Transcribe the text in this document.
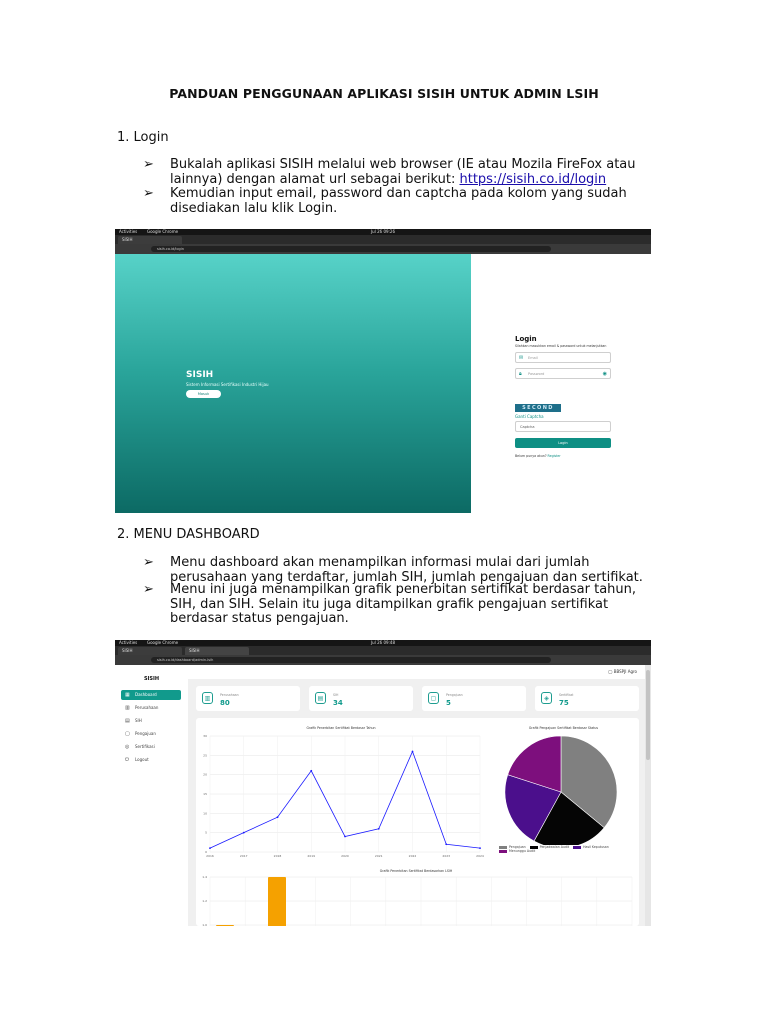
PANDUAN PENGGUNAAN APLIKASI SISIH UNTUK ADMIN LSIH
1. Login
➢ Bukalah aplikasi SISIH melalui web browser (IE atau Mozila FireFox atau lainnya) dengan alamat url sebagai berikut: https://sisih.co.id/login
➢ Kemudian input email, password dan captcha pada kolom yang sudah disediakan lalu klik Login.
Activities Google Chrome	Jul 26 09:26
SISIH
sisih.co.id/login
SISIH
Sistem Informasi Sertifikasi Industri Hijau
Masuk
Login
Silahkan masukkan email & password untuk melanjutkan
✉ Email
🔒︎ Password	◉
SECOND
Ganti Captcha
Captcha
Login
Belum punya akun? Register
2. MENU DASHBOARD
➢ Menu dashboard akan menampilkan informasi mulai dari jumlah perusahaan yang terdaftar, jumlah SIH, jumlah pengajuan dan sertifikat.
➢ Menu ini juga menampilkan grafik penerbitan sertifikat berdasar tahun, SIH, dan SIH. Selain itu juga ditampilkan grafik pengajuan sertifikat berdasar status pengajuan.
Activities Google Chrome	Jul 26 09:48
SISIH	SISIH
sisih.co.id/dashboard/admin-lsih
SISIH
▦ Dashboard
▥ Perusahaan
▤ SIH
▢ Pengajuan
◎ Sertifikasi
⏻ Logout
◯ BBSPJI Agro
▥	Perusahaan
80
▤	SIH
34
▢	Pengajuan
5
◈	Sertifikat
75
Grafik Penerbitan Sertifikat Berdasar Tahun
0
5
10
15
20
25
30
2016	2017	2018	2019	2020	2021	2022	2023	2024
Grafik Pengajuan Sertifikat Berdasar Status
Pengajuan	Penjadwalan Audit	Hasil KeputusanMenunggu Audit
Grafik Penerbitan Sertifikat Berdasarkan LSIH
1.0
1.2
1.4
